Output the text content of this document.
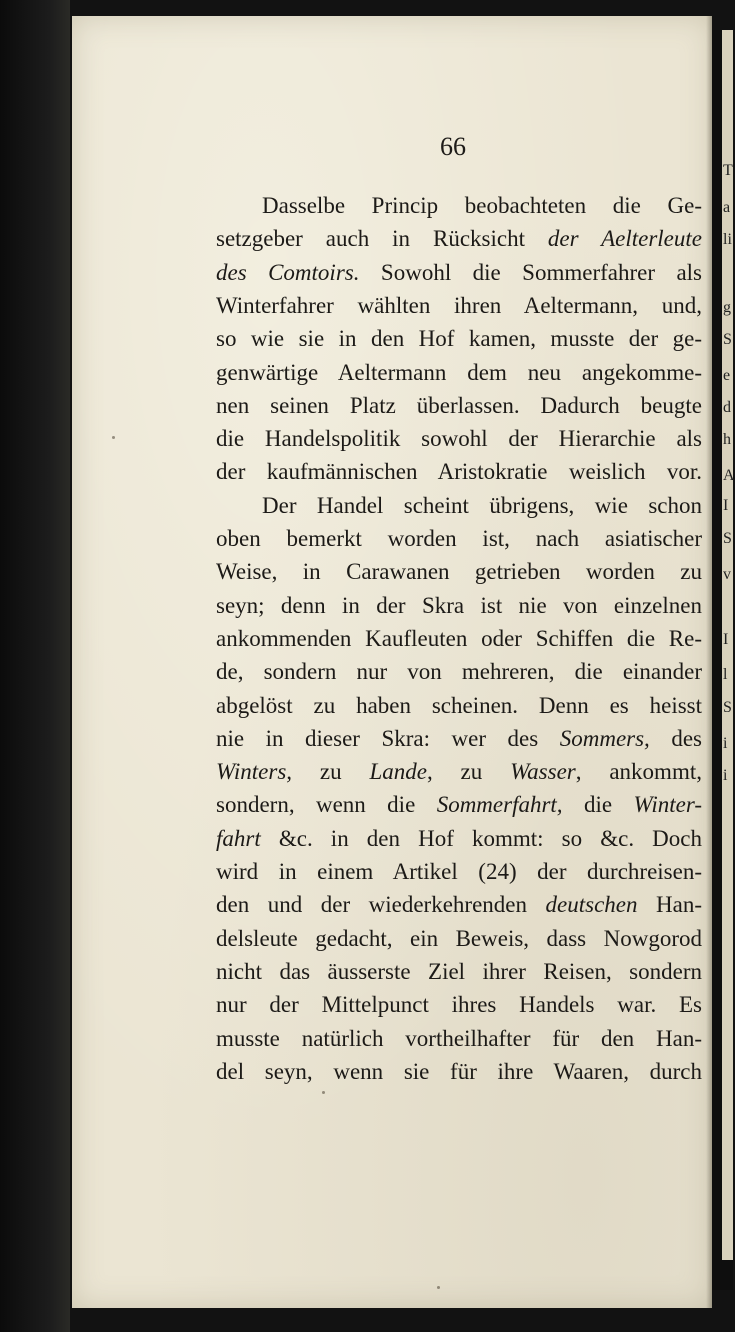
66
Dasselbe Princip beobachteten die Ge-
setzgeber auch in Rücksicht der Aelterleute
des Comtoirs. Sowohl die Sommerfahrer als
Winterfahrer wählten ihren Aeltermann, und,
so wie sie in den Hof kamen, musste der ge-
genwärtige Aeltermann dem neu angekomme-
nen seinen Platz überlassen. Dadurch beugte
die Handelspolitik sowohl der Hierarchie als
der kaufmännischen Aristokratie weislich vor.
Der Handel scheint übrigens, wie schon
oben bemerkt worden ist, nach asiatischer
Weise, in Carawanen getrieben worden zu
seyn; denn in der Skra ist nie von einzelnen
ankommenden Kaufleuten oder Schiffen die Re-
de, sondern nur von mehreren, die einander
abgelöst zu haben scheinen. Denn es heisst
nie in dieser Skra: wer des Sommers, des
Winters, zu Lande, zu Wasser, ankommt,
sondern, wenn die Sommerfahrt, die Winter-
fahrt &c. in den Hof kommt: so &c. Doch
wird in einem Artikel (24) der durchreisen-
den und der wiederkehrenden deutschen Han-
delsleute gedacht, ein Beweis, dass Nowgorod
nicht das äusserste Ziel ihrer Reisen, sondern
nur der Mittelpunct ihres Handels war. Es
musste natürlich vortheilhafter für den Han-
del seyn, wenn sie für ihre Waaren, durch
T
a
li
g
S
e
d
h
A
I
S
v
I
l
S
i
i
